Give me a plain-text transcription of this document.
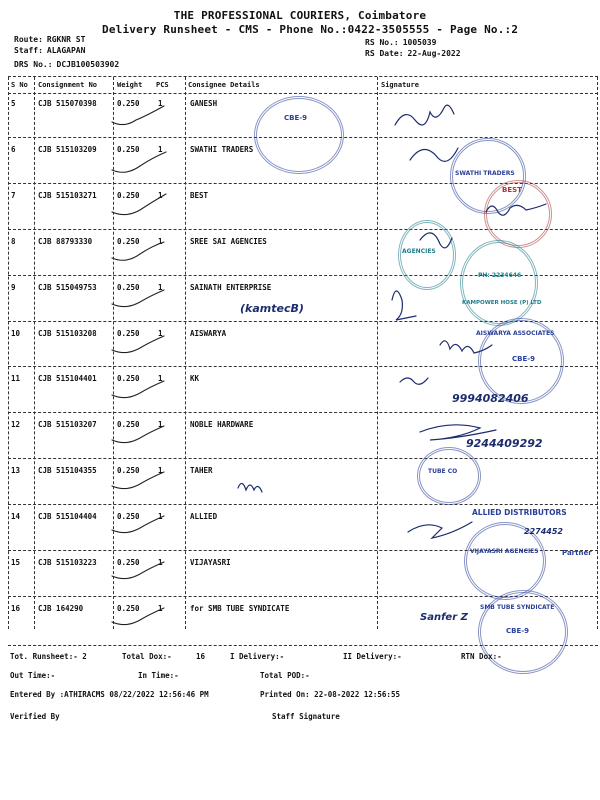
THE PROFESSIONAL COURIERS, Coimbatore
Delivery Runsheet - CMS - Phone No.:0422-3505555 - Page No.:2
Route: RGKNR ST
Staff: ALAGAPAN
DRS No.: DCJB100503902
RS No.: 1005039
RS Date: 22-Aug-2022
S No Consignment No	Weight PCS	Consignee Details	Signature
5	CJB 515070398	0.250 1	GANESH
6	CJB 515103209	0.250 1	SWATHI TRADERS
7	CJB 515103271	0.250 1	BEST
8	CJB 88793330	0.250 1	SREE SAI AGENCIES
9	CJB 515049753	0.250 1	SAINATH ENTERPRISE
10 CJB 515103208	0.250 1	AISWARYA
11 CJB 515104401	0.250 1	KK
12 CJB 515103207	0.250 1	NOBLE HARDWARE
13 CJB 515104355	0.250 1	TAHER
14 CJB 515104404	0.250 1	ALLIED
15 CJB 515103223	0.250 1	VIJAYASRI
16 CJB 164290	0.250 1	for SMB TUBE SYNDICATE
CBE-9
SWATHI TRADERS
BEST
AGENCIES
KAMPOWER HOSE (P) LTD
PH: 2234646
AISWARYA ASSOCIATES
CBE-9
TUBE CO
ALLIED DISTRIBUTORS
VIJAYASRI AGENCIES	Partner
SMB TUBE SYNDICATE
CBE-9
(kamtecB)
9994082406
9244409292
2274452
Sanfer Z
Tot. Runsheet:- 2	Total Dox:-	16	I Delivery:-	II Delivery:-	RTN Dox:-
Out Time:-	In Time:-	Total POD:-
Entered By :ATHIRACMS 08/22/2022 12:56:46 PM	Printed On: 22-08-2022 12:56:55
Verified By	Staff Signature
